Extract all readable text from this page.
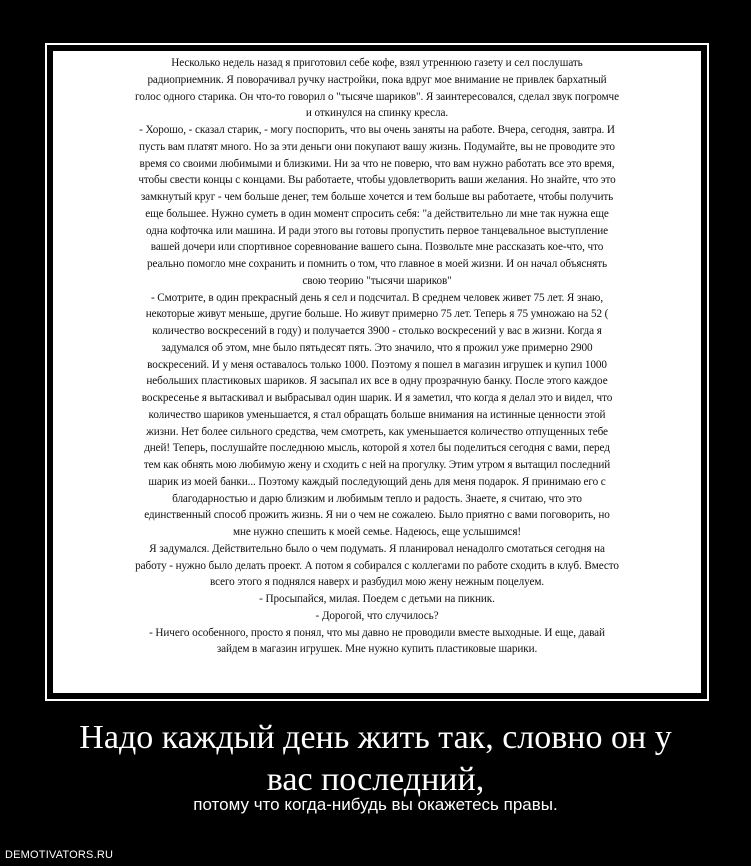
Несколько недель назад я приготовил себе кофе, взял утреннюю газету и сел послушать

радиоприемник. Я поворачивал ручку настройки, пока вдруг мое внимание не привлек бархатный

голос одного старика. Он что-то говорил о "тысяче шариков". Я заинтересовался, сделал звук погромче

и откинулся на спинку кресла.

- Хорошо, - сказал старик, - могу поспорить, что вы очень заняты на работе. Вчера, сегодня, завтра. И

пусть вам платят много. Но за эти деньги они покупают вашу жизнь. Подумайте, вы не проводите это

время со своими любимыми и близкими. Ни за что не поверю, что вам нужно работать все это время,

чтобы свести концы с концами. Вы работаете, чтобы удовлетворить ваши желания. Но знайте, что это

замкнутый круг - чем больше денег, тем больше хочется и тем больше вы работаете, чтобы получить

еще большее. Нужно суметь в один момент спросить себя: "а действительно ли мне так нужна еще

одна кофточка или машина. И ради этого вы готовы пропустить первое танцевальное выступление

вашей дочери или спортивное соревнование вашего сына. Позвольте мне рассказать кое-что, что

реально помогло мне сохранить и помнить о том, что главное в моей жизни. И он начал объяснять

свою теорию "тысячи шариков"

- Смотрите, в один прекрасный день я сел и подсчитал. В среднем человек живет 75 лет. Я знаю,

некоторые живут меньше, другие больше. Но живут примерно 75 лет. Теперь я 75 умножаю на 52 (

количество воскресений в году) и получается 3900 - столько воскресений у вас в жизни. Когда я

задумался об этом, мне было пятьдесят пять. Это значило, что я прожил уже примерно 2900

воскресений. И у меня оставалось только 1000. Поэтому я пошел в магазин игрушек и купил 1000

небольших пластиковых шариков. Я засыпал их все в одну прозрачную банку. После этого каждое

воскресенье я вытаскивал и выбрасывал один шарик. И я заметил, что когда я делал это и видел, что

количество шариков уменьшается, я стал обращать больше внимания на истинные ценности этой

жизни. Нет более сильного средства, чем смотреть, как уменьшается количество отпущенных тебе

дней! Теперь, послушайте последнюю мысль, которой я хотел бы поделиться сегодня с вами, перед

тем как обнять мою любимую жену и сходить с ней на прогулку. Этим утром я вытащил последний

шарик из моей банки... Поэтому каждый последующий день для меня подарок. Я принимаю его с

благодарностью и дарю близким и любимым тепло и радость. Знаете, я считаю, что это

единственный способ прожить жизнь. Я ни о чем не сожалею. Было приятно с вами поговорить, но

мне нужно спешить к моей семье. Надеюсь, еще услышимся!

Я задумался. Действительно было о чем подумать. Я планировал ненадолго смотаться сегодня на

работу - нужно было делать проект. А потом я собирался с коллегами по работе сходить в клуб. Вместо

всего этого я поднялся наверх и разбудил мою жену нежным поцелуем.

- Просыпайся, милая. Поедем с детьми на пикник.

- Дорогой, что случилось?

- Ничего особенного, просто я понял, что мы давно не проводили вместе выходные. И еще, давай

зайдем в магазин игрушек. Мне нужно купить пластиковые шарики.

Надо каждый день жить так, словно он у

вас последний,

потому что когда-нибудь вы окажетесь правы.
DEMOTIVATORS.RU
